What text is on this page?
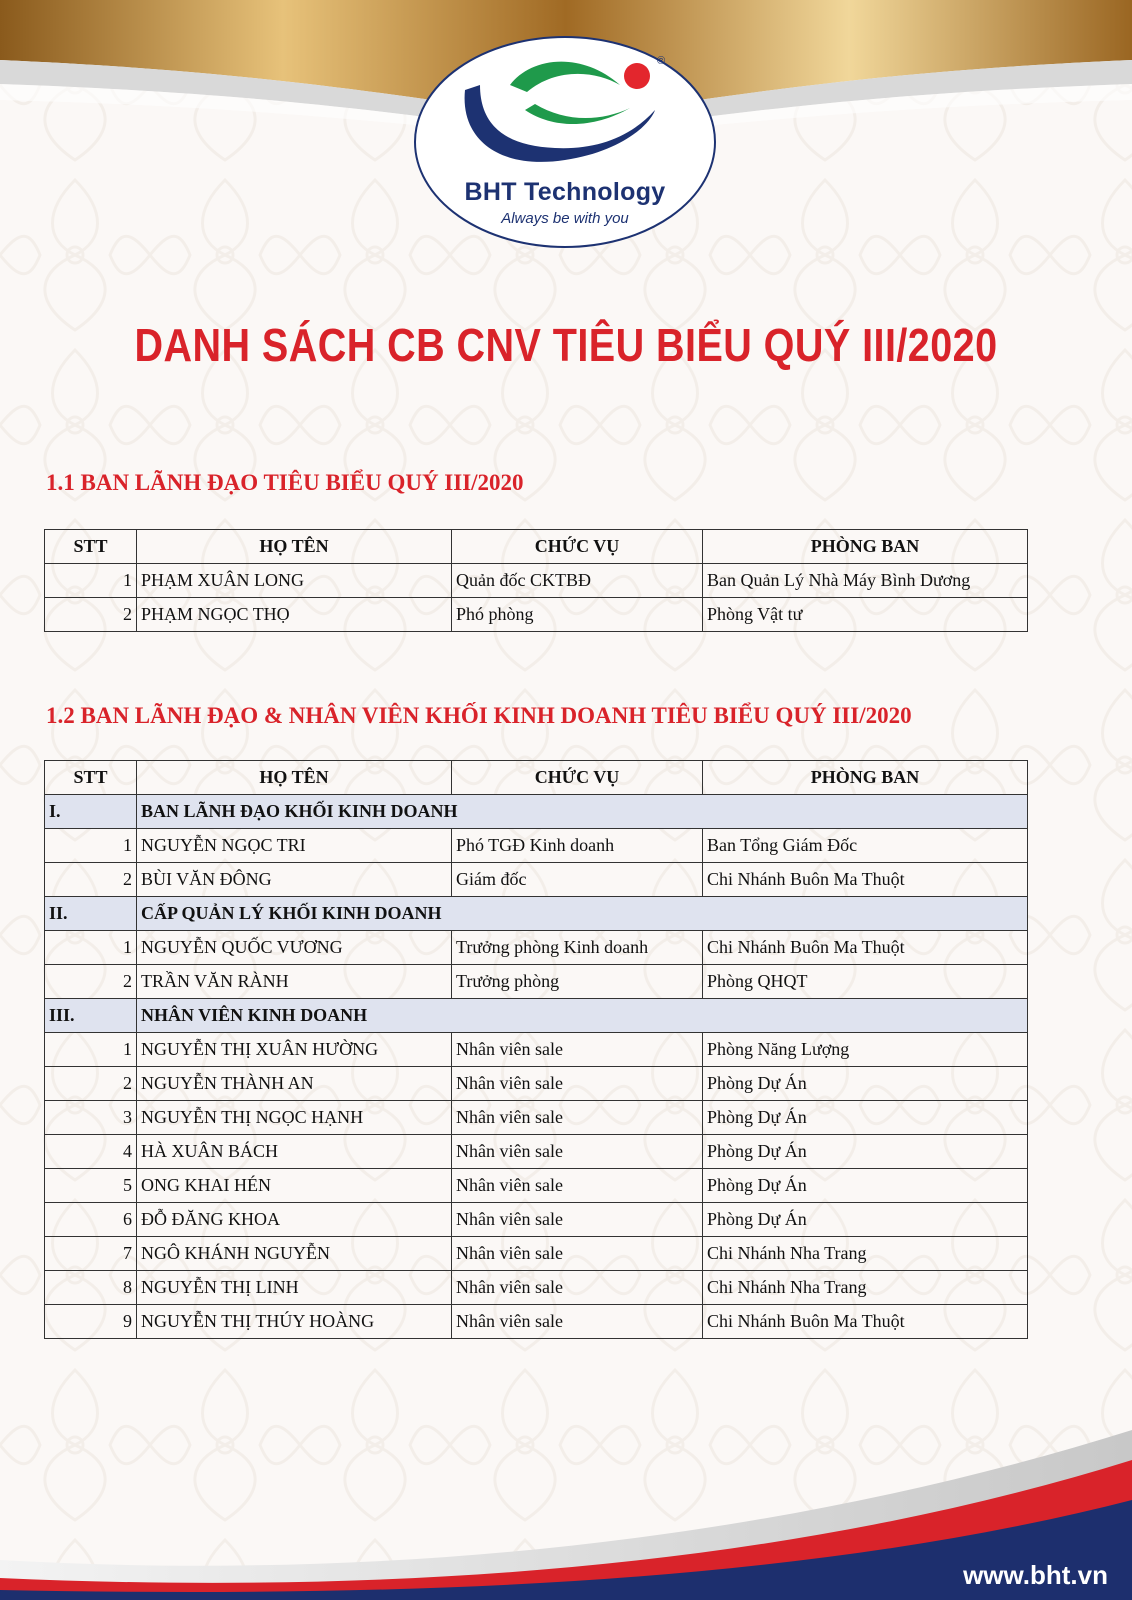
®
BHT Technology
Always be with you
DANH SÁCH CB CNV TIÊU BIỂU QUÝ III/2020
1.1 BAN LÃNH ĐẠO TIÊU BIỂU QUÝ III/2020
STT	HỌ TÊN	CHỨC VỤ	PHÒNG BAN
1	PHẠM XUÂN LONG	Quản đốc CKTBĐ	Ban Quản Lý Nhà Máy Bình Dương
2	PHẠM NGỌC THỌ	Phó phòng	Phòng Vật tư
1.2 BAN LÃNH ĐẠO & NHÂN VIÊN KHỐI KINH DOANH TIÊU BIỂU QUÝ III/2020
STT	HỌ TÊN	CHỨC VỤ	PHÒNG BAN
I.	BAN LÃNH ĐẠO KHỐI KINH DOANH		
1	NGUYỄN NGỌC TRI	Phó TGĐ Kinh doanh	Ban Tổng Giám Đốc
2	BÙI VĂN ĐÔNG	Giám đốc	Chi Nhánh Buôn Ma Thuột
II.	CẤP QUẢN LÝ KHỐI KINH DOANH		
1	NGUYỄN QUỐC VƯƠNG	Trưởng phòng Kinh doanh	Chi Nhánh Buôn Ma Thuột
2	TRẦN VĂN RÀNH	Trưởng phòng	Phòng QHQT
III.	NHÂN VIÊN KINH DOANH		
1	NGUYỄN THỊ XUÂN HƯỜNG	Nhân viên sale	Phòng Năng Lượng
2	NGUYỄN THÀNH AN	Nhân viên sale	Phòng Dự Án
3	NGUYỄN THỊ NGỌC HẠNH	Nhân viên sale	Phòng Dự Án
4	HÀ XUÂN BÁCH	Nhân viên sale	Phòng Dự Án
5	ONG KHAI HÉN	Nhân viên sale	Phòng Dự Án
6	ĐỖ ĐĂNG KHOA	Nhân viên sale	Phòng Dự Án
7	NGÔ KHÁNH NGUYỄN	Nhân viên sale	Chi Nhánh Nha Trang
8	NGUYỄN THỊ LINH	Nhân viên sale	Chi Nhánh Nha Trang
9	NGUYỄN THỊ THÚY HOÀNG	Nhân viên sale	Chi Nhánh Buôn Ma Thuột
www.bht.vn
